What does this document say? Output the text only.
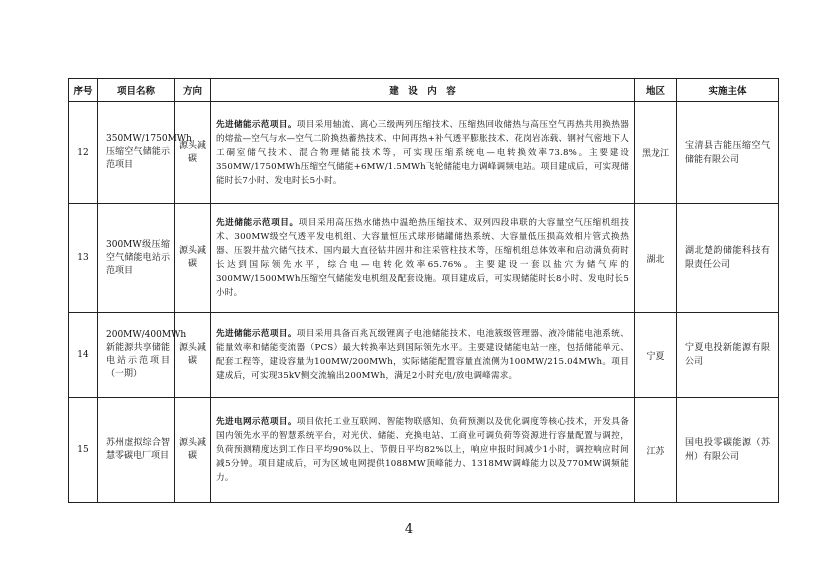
序号	项目名称	方向	建　设　内　容	地区	实施主体
12	350MW/1750MWh压缩空气储能示范项目	源头减碳	先进储能示范项目。项目采用轴流、离心三级两列压缩技术、压缩热回收储热与高压空气再热共用换热器的熔盐—空气与水—空气二阶换热蓄热技术、中间再热+补气透平膨胀技术、花岗岩冻载、钢衬气密地下人工硐室储气技术、混合物理储能技术等，可实现压缩系统电—电转换效率73.8%。主要建设350MW/1750MWh压缩空气储能+6MW/1.5MWh飞轮储能电力调峰调频电站。项目建成后，可实现储能时长7小时、发电时长5小时。	黑龙江	宝清县吉能压缩空气储能有限公司
13	300MW级压缩空气储能电站示范项目	源头减碳	先进储能示范项目。项目采用高压热水储热中温绝热压缩技术、双列四段串联的大容量空气压缩机组技术、300MW级空气透平发电机组、大容量恒压式球形储罐储热系统、大容量低压损高效相片管式换热器、压裂井盐穴储气技术、国内最大直径钻井固井和注采管柱技术等，压缩机组总体效率和启动满负荷时长达到国际领先水平，综合电—电转化效率65.76%。主要建设一套以盐穴为储气库的300MW/1500MWh压缩空气储能发电机组及配套设施。项目建成后，可实现储能时长8小时、发电时长5小时。	湖北	湖北楚韵储能科技有限责任公司
14	200MW/400MWh新能源共享储能电站示范项目（一期）	源头减碳	先进储能示范项目。项目采用具备百兆瓦级锂离子电池储能技术、电池簇级管理器、液冷储能电池系统、能量效率和储能变流器（PCS）最大转换率达到国际领先水平。主要建设储能电站一座，包括储能单元、配套工程等，建设容量为100MW/200MWh，实际储能配置容量直流侧为100MW/215.04MWh。项目建成后，可实现35kV侧交流输出200MWh，满足2小时充电/放电调峰需求。	宁夏	宁夏电投新能源有限公司
15	苏州虚拟综合智慧零碳电厂项目	源头减碳	先进电网示范项目。项目依托工业互联网、智能物联感知、负荷预测以及优化调度等核心技术，开发具备国内领先水平的智慧系统平台，对光伏、储能、充换电站、工商业可调负荷等资源进行容量配置与调控，负荷预测精度达到工作日平均90%以上、节假日平均82%以上，响应申报时间减少1小时，调控响应时间减5分钟。项目建成后，可为区域电网提供1088MW顶峰能力、1318MW调峰能力以及770MW调频能力。	江苏	国电投零碳能源（苏州）有限公司
4
